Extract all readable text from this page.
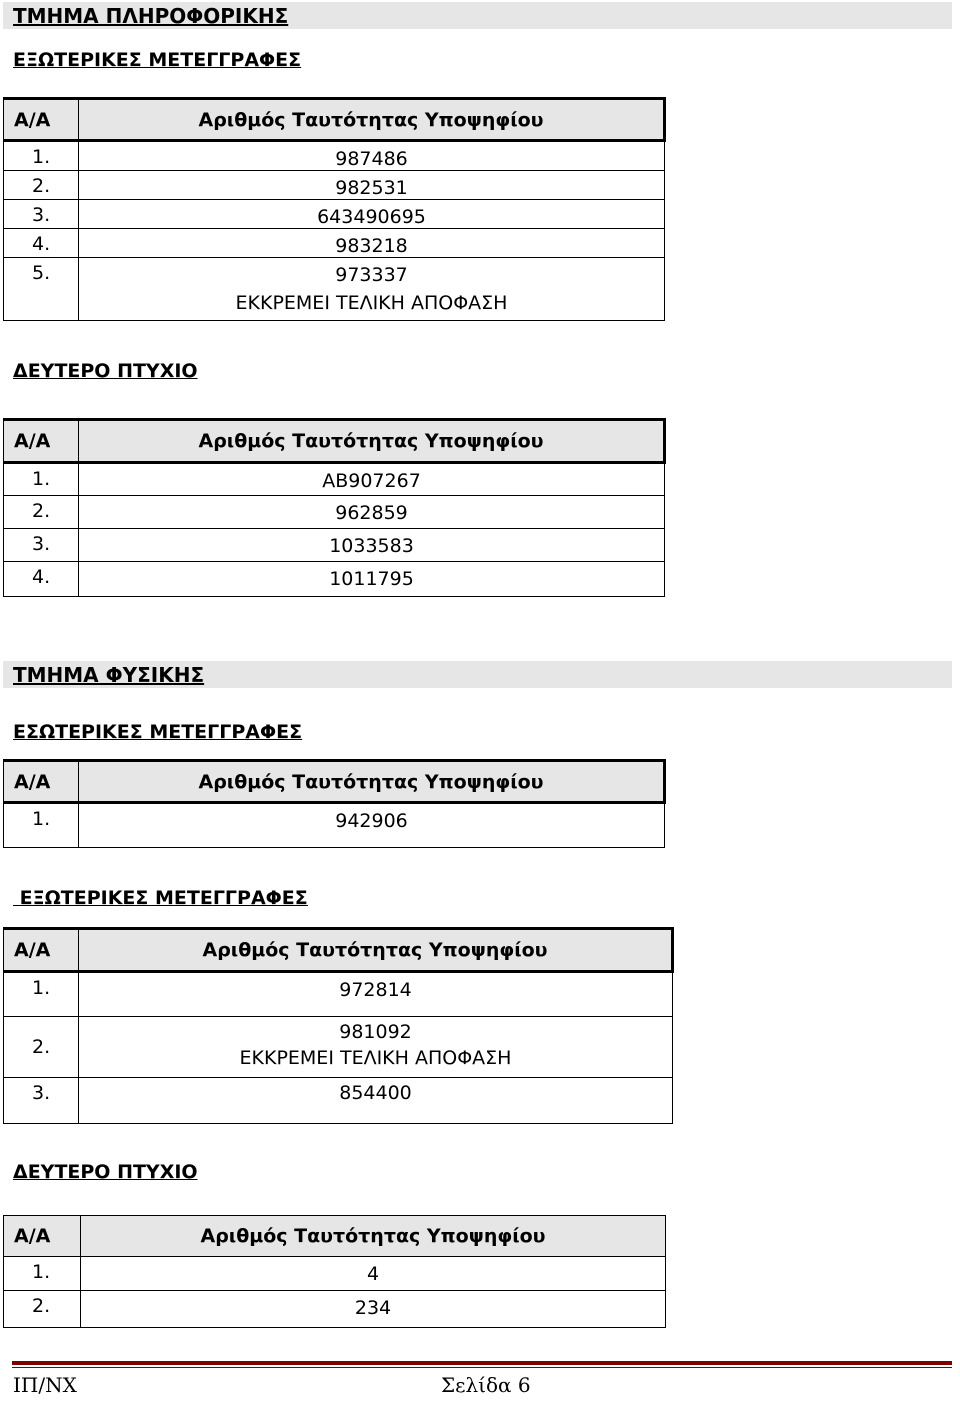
ΤΜΗΜΑ ΠΛΗΡΟΦΟΡΙΚΗΣ
ΕΞΩΤΕΡΙΚΕΣ ΜΕΤΕΓΓΡΑΦΕΣ
Α/Α	Αριθμός Ταυτότητας Υποψηφίου
1.	987486
2.	982531
3.	643490695
4.	983218
5.	973337
ΕΚΚΡΕΜΕΙ ΤΕΛΙΚΗ ΑΠΟΦΑΣΗ
ΔΕΥΤΕΡΟ ΠΤΥΧΙΟ
Α/Α	Αριθμός Ταυτότητας Υποψηφίου
1.	ΑΒ907267
2.	962859
3.	1033583
4.	1011795
ΤΜΗΜΑ ΦΥΣΙΚΗΣ
ΕΣΩΤΕΡΙΚΕΣ ΜΕΤΕΓΓΡΑΦΕΣ
Α/Α	Αριθμός Ταυτότητας Υποψηφίου
1.	942906
ΕΞΩΤΕΡΙΚΕΣ ΜΕΤΕΓΓΡΑΦΕΣ
Α/Α	Αριθμός Ταυτότητας Υποψηφίου
1.	972814
2.	981092
ΕΚΚΡΕΜΕΙ ΤΕΛΙΚΗ ΑΠΟΦΑΣΗ

3.	854400
ΔΕΥΤΕΡΟ ΠΤΥΧΙΟ
Α/Α	Αριθμός Ταυτότητας Υποψηφίου
1.	4
2.	234
ΙΠ/ΝΧ	Σελίδα 6
